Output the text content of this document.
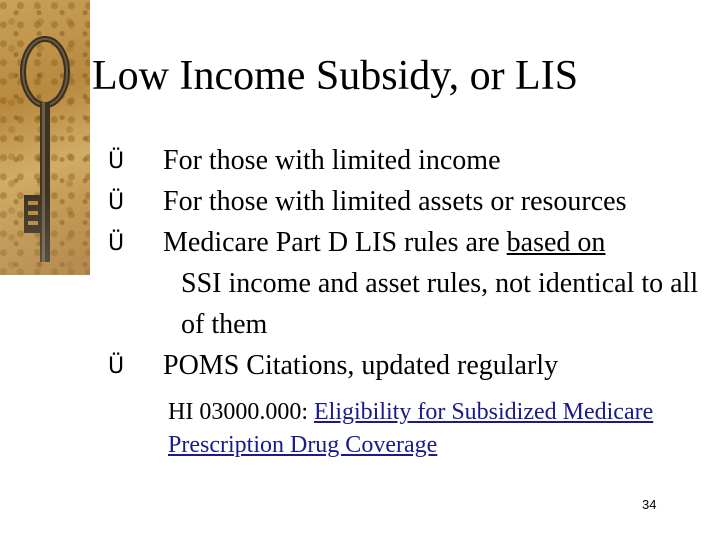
Low Income Subsidy, or LIS
Ü	For those with limited income
Ü	For those with limited assets or resources
Ü	Medicare Part D LIS rules are based on
SSI income and asset rules, not identical to all of them
Ü	POMS Citations, updated regularly
HI 03000.000: Eligibility for Subsidized Medicare Prescription Drug Coverage
34
